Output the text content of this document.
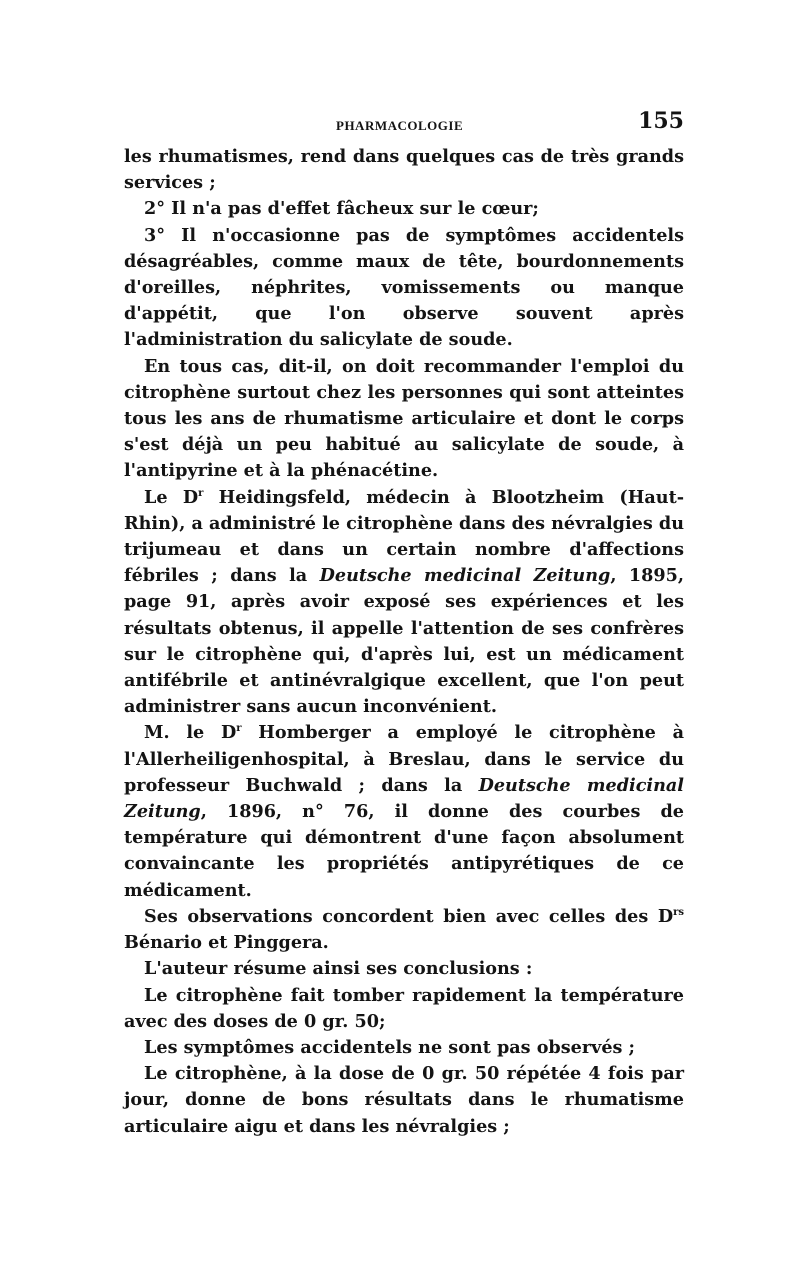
PHARMACOLOGIE	155

les rhumatismes, rend dans quelques cas de très grands services ;

2° Il n'a pas d'effet fâcheux sur le cœur;

3° Il n'occasionne pas de symptômes accidentels désagréables, comme maux de tête, bourdonnements d'oreilles, néphrites, vomissements ou manque d'appétit, que l'on observe souvent après l'administration du salicylate de soude.

En tous cas, dit-il, on doit recommander l'emploi du citrophène surtout chez les personnes qui sont atteintes tous les ans de rhumatisme articulaire et dont le corps s'est déjà un peu habitué au salicylate de soude, à l'antipyrine et à la phénacétine.

Le $D^r$ Heidingsfeld, médecin à Blootzheim (Haut-Rhin), a administré le citrophène dans des névralgies du trijumeau et dans un certain nombre d'affections fébriles ; dans la Deutsche medicinal Zeitung, 1895, page 91, après avoir exposé ses expériences et les résultats obtenus, il appelle l'attention de ses confrères sur le citrophène qui, d'après lui, est un médicament antifébrile et antinévralgique excellent, que l'on peut administrer sans aucun inconvénient.

M. le $D^r$ Homberger a employé le citrophène à l'Allerheiligenhospital, à Breslau, dans le service du professeur Buchwald ; dans la Deutsche medicinal Zeitung, 1896, n° 76, il donne des courbes de température qui démontrent d'une façon absolument convaincante les propriétés antipyrétiques de ce médicament.

Ses observations concordent bien avec celles des $D^{rs}$ Bénario et Pinggera.

L'auteur résume ainsi ses conclusions :

Le citrophène fait tomber rapidement la température avec des doses de 0 gr. 50;

Les symptômes accidentels ne sont pas observés ;

Le citrophène, à la dose de 0 gr. 50 répétée 4 fois par jour, donne de bons résultats dans le rhumatisme articulaire aigu et dans les névralgies ;
